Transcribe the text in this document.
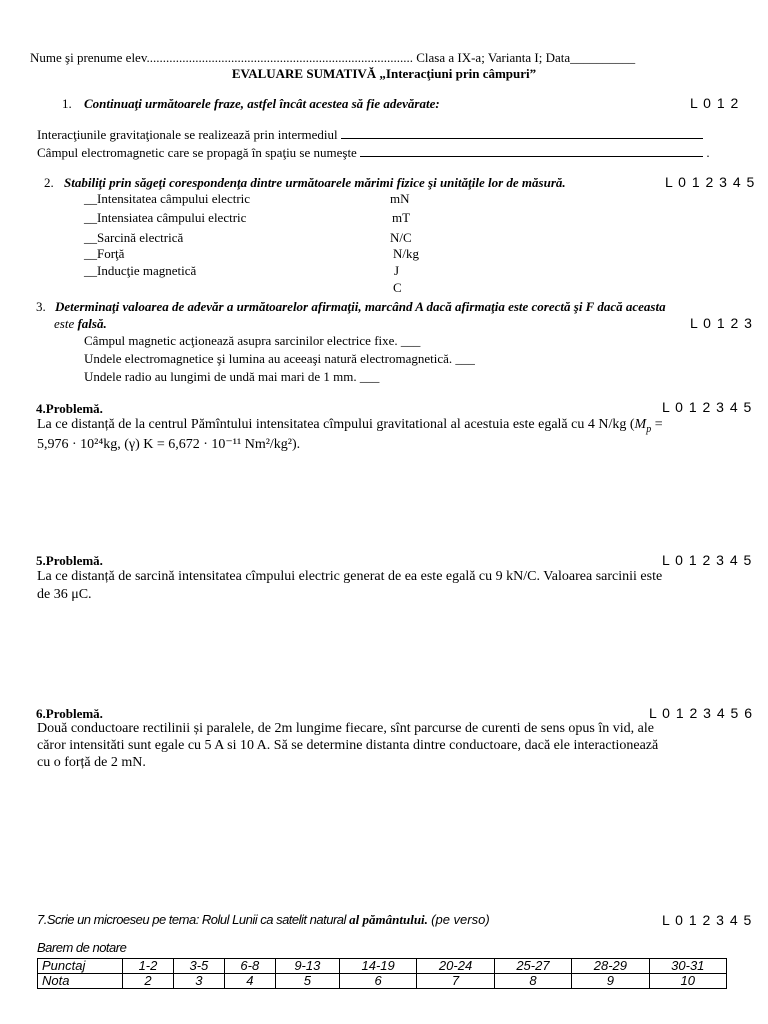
Nume şi prenume elev.................................................................................. Clasa a IX-a; Varianta I; Data__________
EVALUARE SUMATIVĂ „Interacţiuni prin câmpuri”
1. Continuaţi următoarele fraze, astfel încât acestea să fie adevărate:	L 0 1 2
Interacţiunile gravitaţionale se realizează prin intermediul
Câmpul electromagnetic care se propagă în spaţiu se numeşte	.
2. Stabiliţi prin săgeţi corespondenţa dintre următoarele mărimi fizice şi unităţile lor de măsură.	L 0 1 2 3 4 5
__Intensitatea câmpului electric
__Intensiatea câmpului electric
__Sarcină electrică
__Forţă
__Inducţie magnetică
mN
mT
N/C
N/kg
J
C
3. Determinaţi valoarea de adevăr a următoarelor afirmaţii, marcând A dacă afirmaţia este corectă şi F dacă aceasta
este falsă.	L 0 1 2 3
Câmpul magnetic acţionează asupra sarcinilor electrice fixe. ___
Undele electromagnetice şi lumina au aceeaşi natură electromagnetică. ___
Undele radio au lungimi de undă mai mari de 1 mm. ___
4.Problemă.	L 0 1 2 3 4 5
La ce distanță de la centrul Pămîntului intensitatea cîmpului gravitational al acestuia este egală cu 4 N/kg ($M_p$ =
5,976 · 10²⁴kg, (γ) K = 6,672 · 10⁻¹¹ Nm²/kg²).
5.Problemă.	L 0 1 2 3 4 5
La ce distanță de sarcină intensitatea cîmpului electric generat de ea este egală cu 9 kN/C. Valoarea sarcinii este
de 36 μC.
6.Problemă.	L 0 1 2 3 4 5 6
Două conductoare rectilinii și paralele, de 2m lungime fiecare, sînt parcurse de curenti de sens opus în vid, ale
căror intensităti sunt egale cu 5 A si 10 A. Să se determine distanta dintre conductoare, dacă ele interactionează
cu o forță de 2 mN.
7.Scrie un microeseu pe tema: Rolul Lunii ca satelit natural al pământului. (pe verso)	L 0 1 2 3 4 5
Barem de notare
Punctaj	1-2	3-5	6-8	9-13	14-19	20-24	25-27	28-29	30-31
Nota	2	3	4	5	6	7	8	9	10
